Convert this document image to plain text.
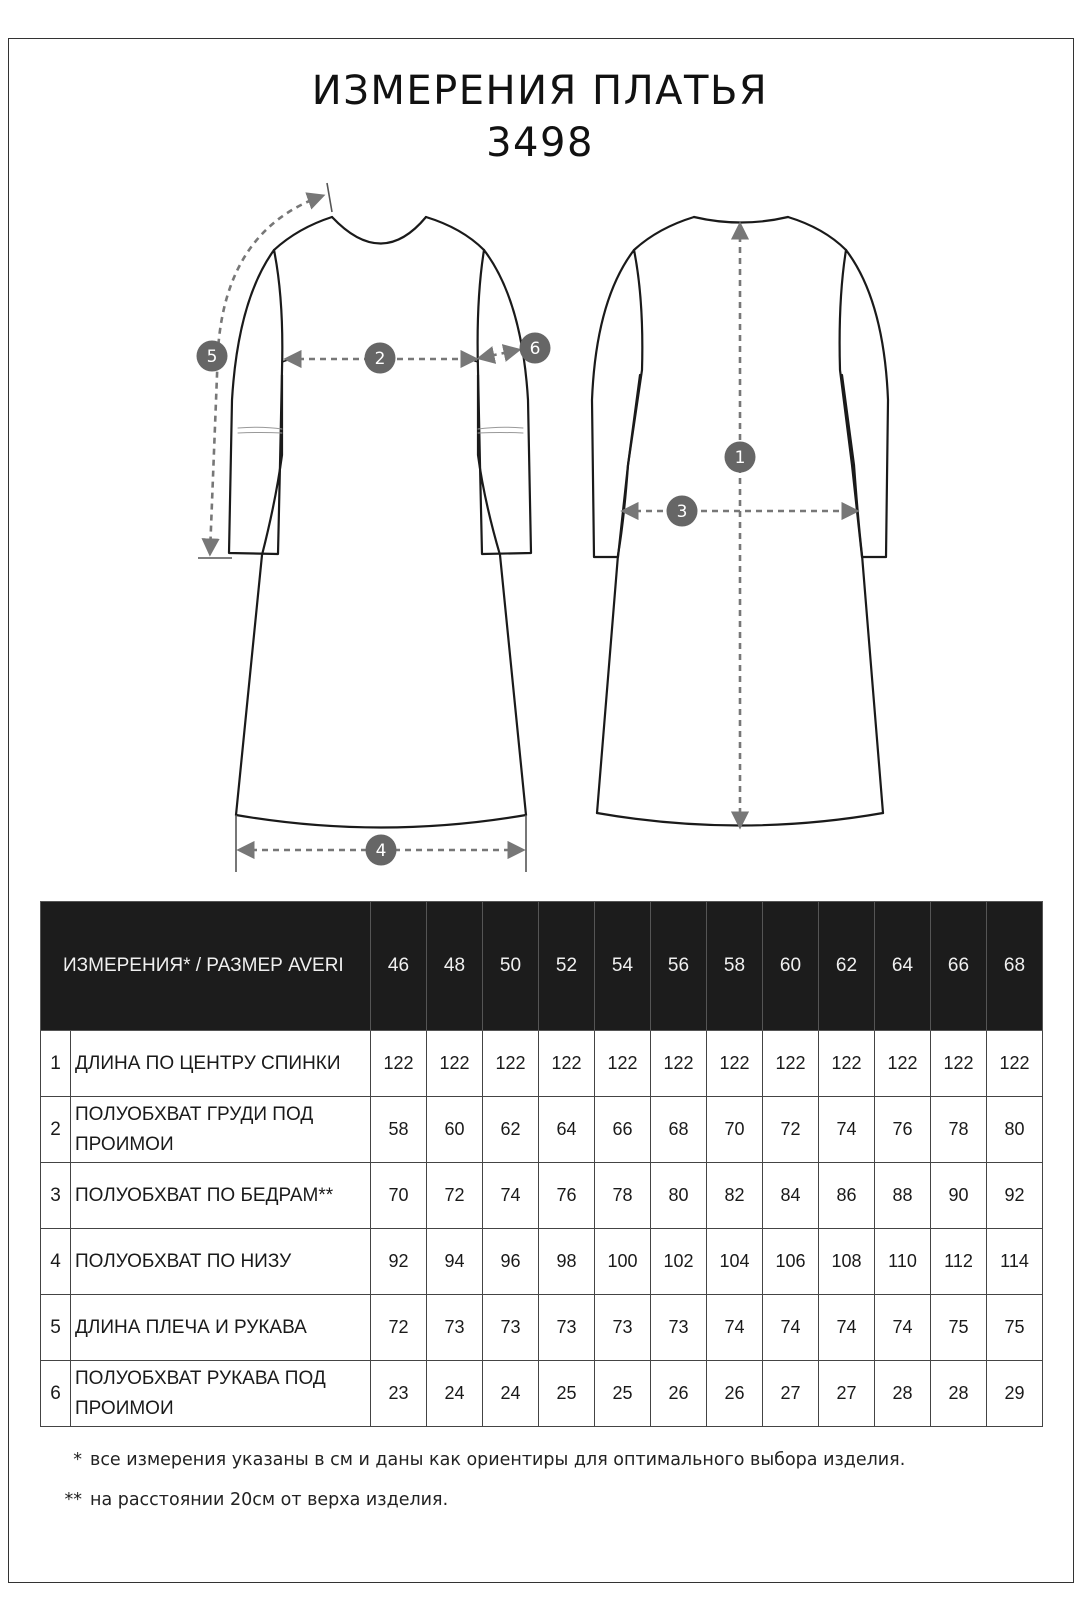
ИЗМЕРЕНИЯ ПЛАТЬЯ
3498
5	2	6
1
3
4
ИЗМЕРЕНИЯ* / РАЗМЕР AVERI		46	48	50	52	54	56	58	60	62	64	66	68
1	ДЛИНА ПО ЦЕНТРУ СПИНКИ	122	122	122	122	122	122	122	122	122	122	122	122
2	ПОЛУОБХВАТ ГРУДИ ПОД
ПРОИМОИ	58	60	62	64	66	68	70	72	74	76	78	80
3	ПОЛУОБХВАТ ПО БЕДРАМ**	70	72	74	76	78	80	82	84	86	88	90	92
4	ПОЛУОБХВАТ ПО НИЗУ	92	94	96	98	100	102	104	106	108	110	112	114
5	ДЛИНА ПЛЕЧА И РУКАВА	72	73	73	73	73	73	74	74	74	74	75	75
6	ПОЛУОБХВАТ РУКАВА ПОД
ПРОИМОИ	23	24	24	25	25	26	26	27	27	28	28	29
* все измерения указаны в см и даны как ориентиры для оптимального выбора изделия.
** на расстоянии 20см от верха изделия.
